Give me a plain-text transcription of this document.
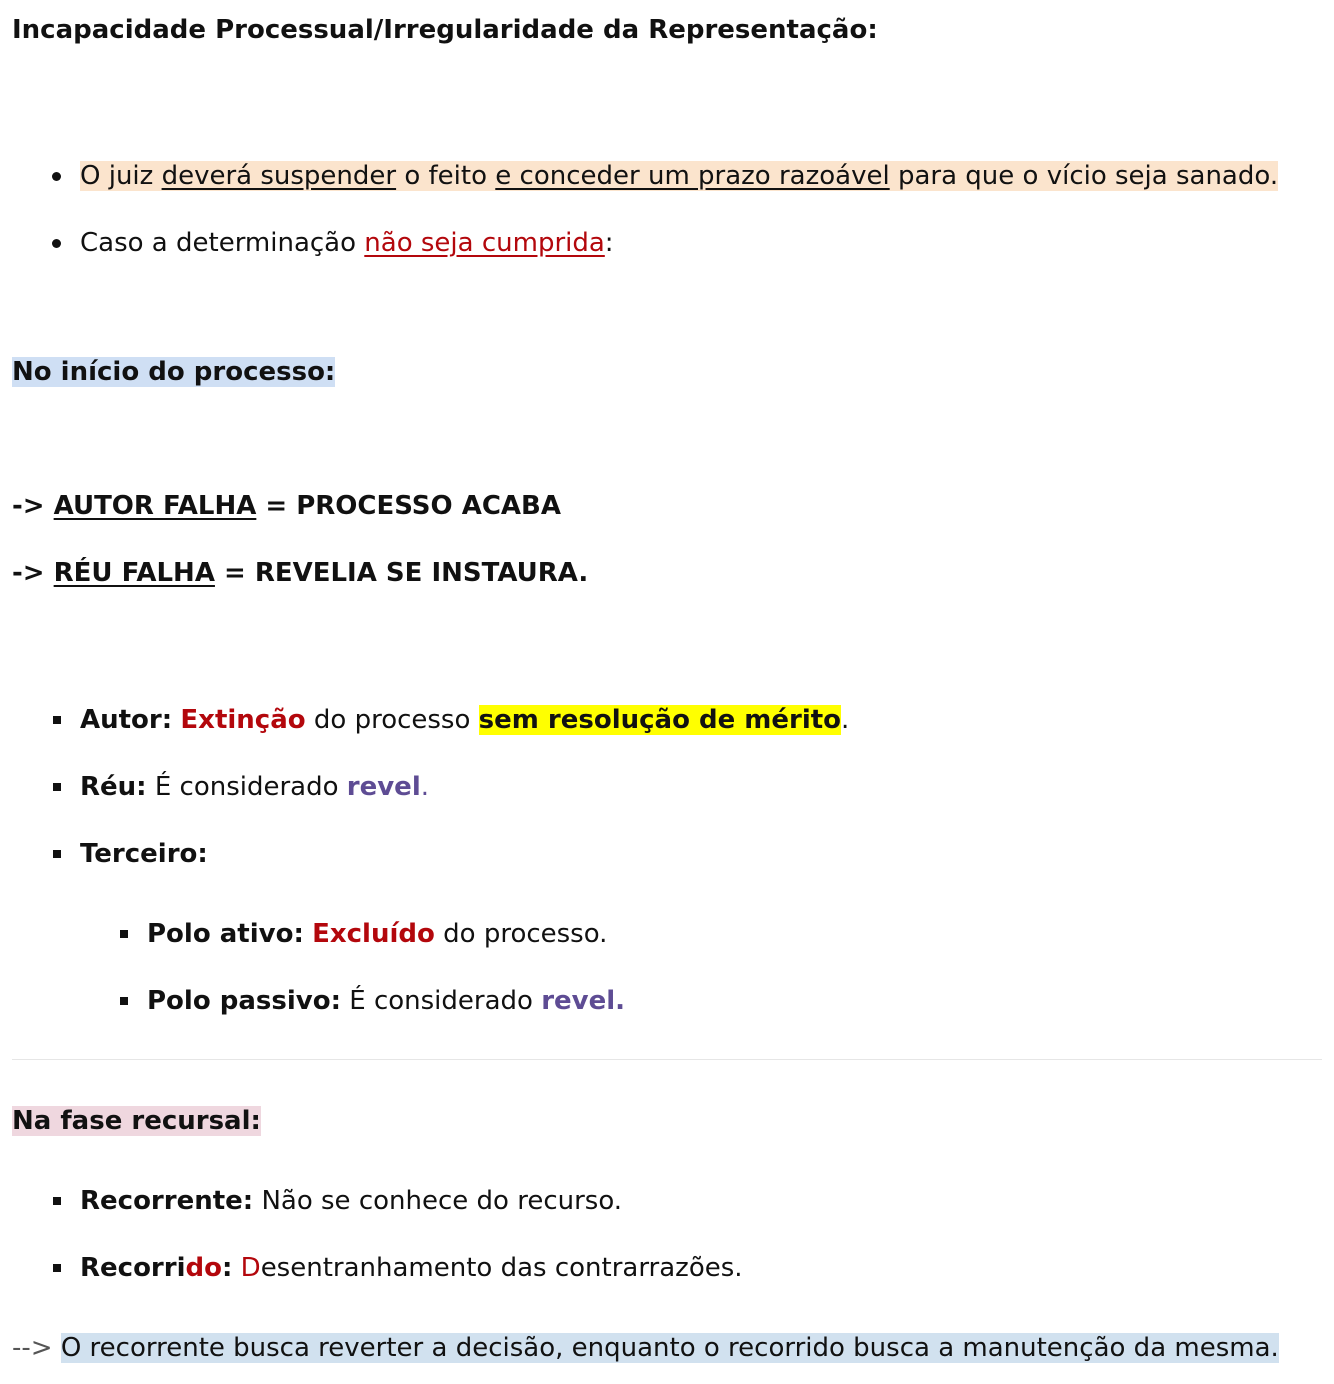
Incapacidade Processual/Irregularidade da Representação:
O juiz deverá suspender o feito e conceder um prazo razoável para que o vício seja sanado.
Caso a determinação não seja cumprida:
No início do processo:
-> AUTOR FALHA = PROCESSO ACABA
-> RÉU FALHA = REVELIA SE INSTAURA.
Autor: Extinção do processo sem resolução de mérito.
Réu: É considerado revel.
Terceiro:
Polo ativo: Excluído do processo.
Polo passivo: É considerado revel.
Na fase recursal:
Recorrente: Não se conhece do recurso.
Recorrido: Desentranhamento das contrarrazões.
--> O recorrente busca reverter a decisão, enquanto o recorrido busca a manutenção da mesma.
